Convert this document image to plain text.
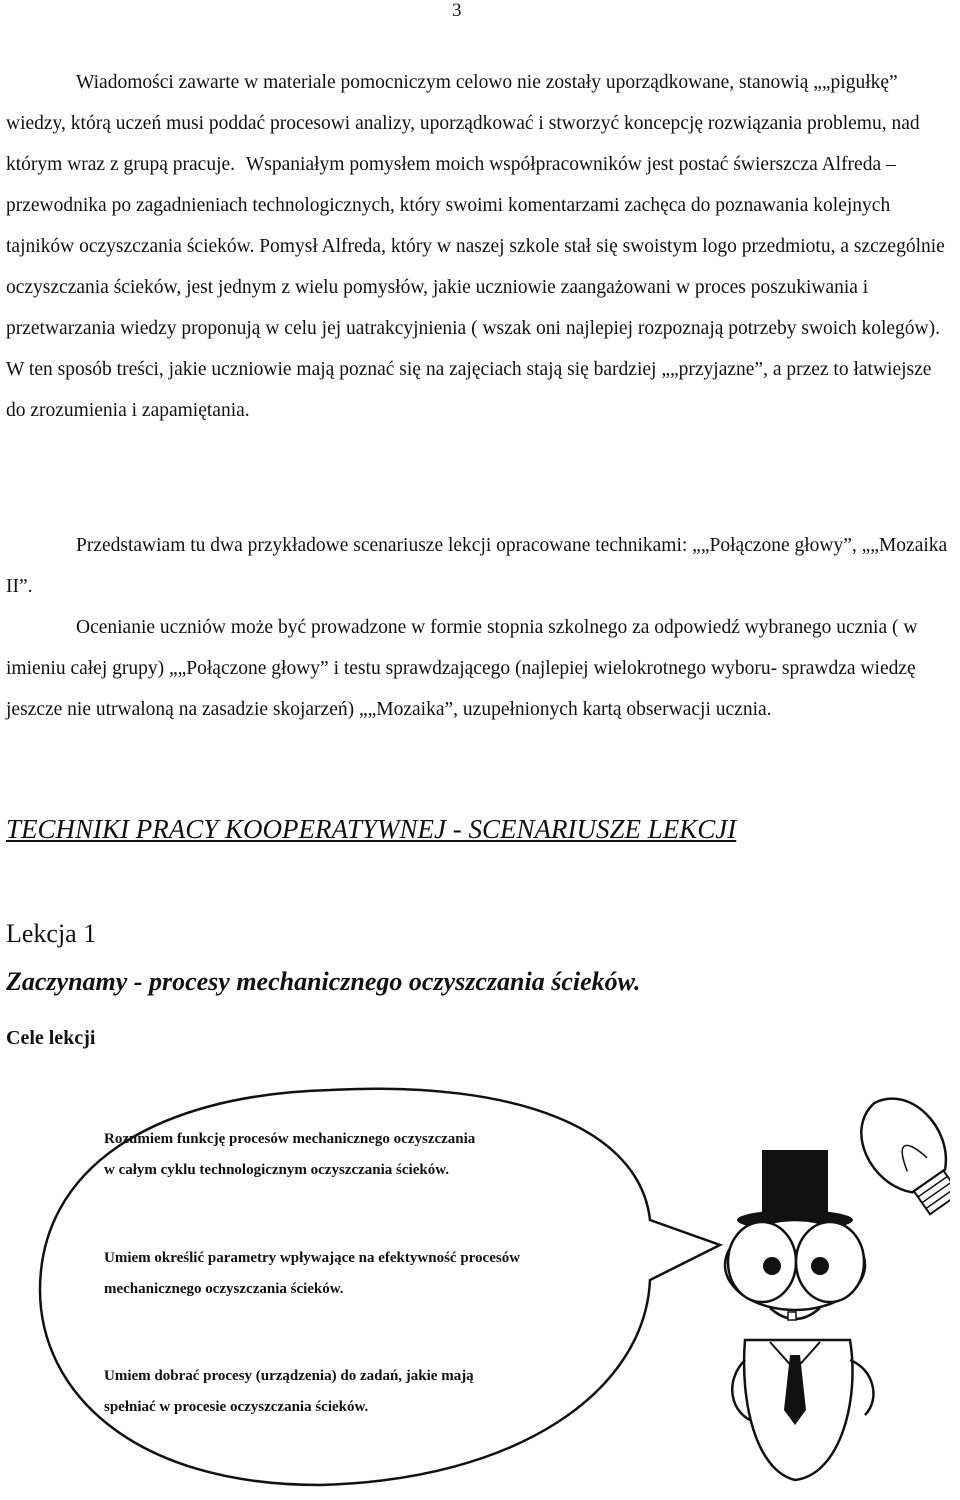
3

Wiadomości zawarte w materiale pomocniczym celowo nie zostały uporządkowane, stanowią „„pigułkę” wiedzy, którą uczeń musi poddać procesowi analizy, uporządkować i stworzyć koncepcję rozwiązania problemu, nad którym wraz z grupą pracuje. Wspaniałym pomysłem moich współpracowników jest postać świerszcza Alfreda – przewodnika po zagadnieniach technologicznych, który swoimi komentarzami zachęca do poznawania kolejnych tajników oczyszczania ścieków. Pomysł Alfreda, który w naszej szkole stał się swoistym logo przedmiotu, a szczególnie oczyszczania ścieków, jest jednym z wielu pomysłów, jakie uczniowie zaangażowani w proces poszukiwania i przetwarzania wiedzy proponują w celu jej uatrakcyjnienia ( wszak oni najlepiej rozpoznają potrzeby swoich kolegów). W ten sposób treści, jakie uczniowie mają poznać się na zajęciach stają się bardziej „„przyjazne”, a przez to łatwiejsze do zrozumienia i zapamiętania.

Przedstawiam tu dwa przykładowe scenariusze lekcji opracowane technikami: „„Połączone głowy”, „„Mozaika II”.

Ocenianie uczniów może być prowadzone w formie stopnia szkolnego za odpowiedź wybranego ucznia ( w imieniu całej grupy) „„Połączone głowy” i testu sprawdzającego (najlepiej wielokrotnego wyboru- sprawdza wiedzę jeszcze nie utrwaloną na zasadzie skojarzeń) „„Mozaika”, uzupełnionych kartą obserwacji ucznia.

TECHNIKI PRACY KOOPERATYWNEJ - SCENARIUSZE LEKCJI
Lekcja 1
Zaczynamy - procesy mechanicznego oczyszczania ścieków.
Cele lekcji

Rozumiem funkcję procesów mechanicznego oczyszczania w całym cyklu technologicznym oczyszczania ścieków.

Umiem określić parametry wpływające na efektywność procesów mechanicznego oczyszczania ścieków.

Umiem dobrać procesy (urządzenia) do zadań, jakie mają spełniać w procesie oczyszczania ścieków.
